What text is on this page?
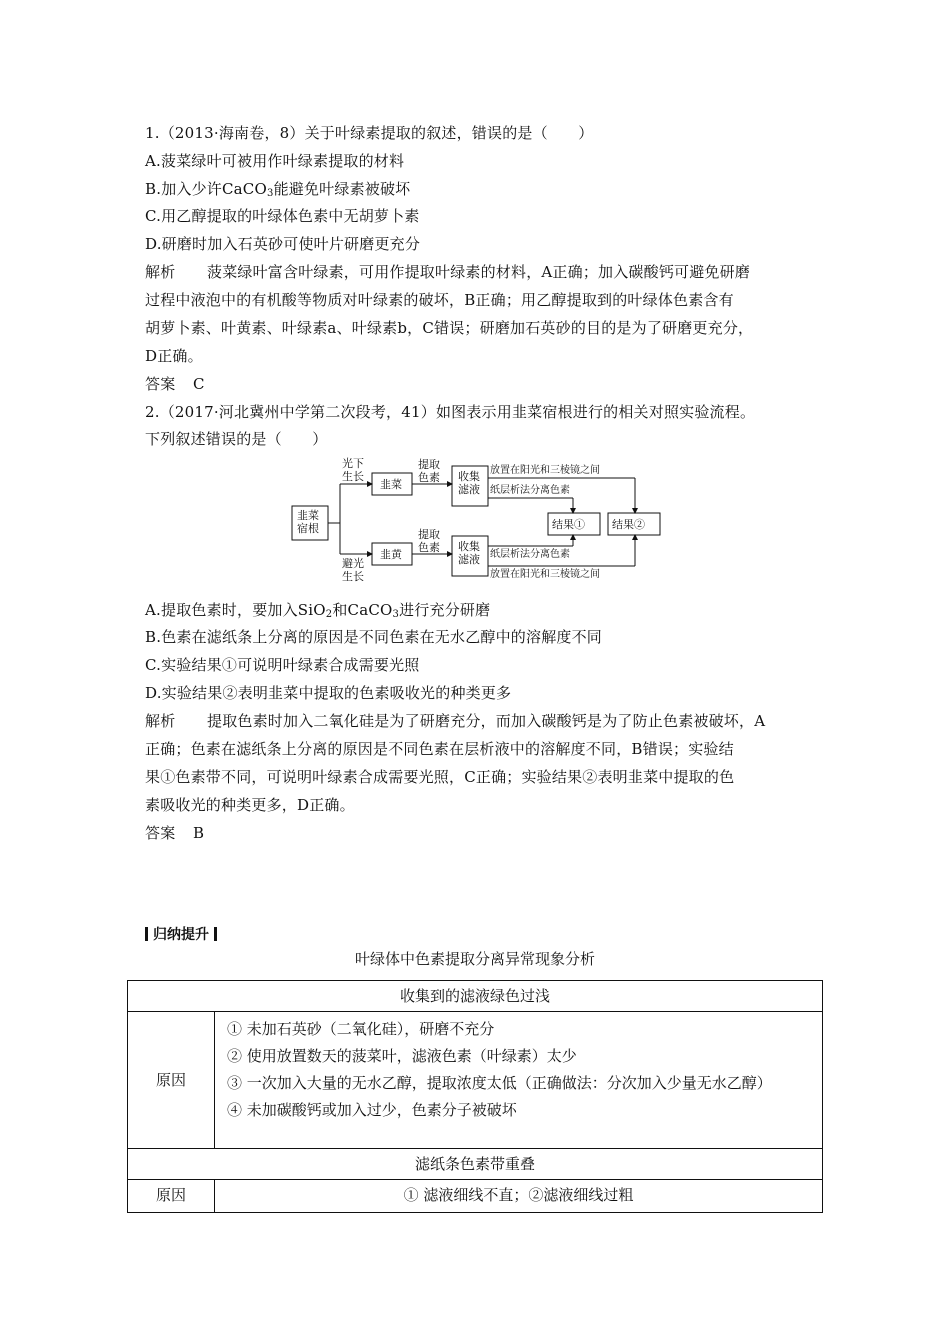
1.（2013·海南卷，8）关于叶绿素提取的叙述，错误的是（　　）
A.菠菜绿叶可被用作叶绿素提取的材料
B.加入少许CaCO$_3$能避免叶绿素被破坏
C.用乙醇提取的叶绿体色素中无胡萝卜素
D.研磨时加入石英砂可使叶片研磨更充分
解析 菠菜绿叶富含叶绿素，可用作提取叶绿素的材料，A正确；加入碳酸钙可避免研磨
过程中液泡中的有机酸等物质对叶绿素的破坏，B正确；用乙醇提取到的叶绿体色素含有
胡萝卜素、叶黄素、叶绿素a、叶绿素b，C错误；研磨加石英砂的目的是为了研磨更充分，
D正确。
答案 C
2.（2017·河北冀州中学第二次段考，41）如图表示用韭菜宿根进行的相关对照实验流程。
下列叙述错误的是（　　）
韭菜
宿根
光下
生长
避光
生长
韭菜
韭黄
提取
色素
提取
色素
收集
滤液
收集
滤液
放置在阳光和三棱镜之间
纸层析法分离色素
纸层析法分离色素
放置在阳光和三棱镜之间
结果① 结果②
A.提取色素时，要加入SiO$_2$和CaCO$_3$进行充分研磨
B.色素在滤纸条上分离的原因是不同色素在无水乙醇中的溶解度不同
C.实验结果①可说明叶绿素合成需要光照
D.实验结果②表明韭菜中提取的色素吸收光的种类更多
解析 提取色素时加入二氧化硅是为了研磨充分，而加入碳酸钙是为了防止色素被破坏，A
正确；色素在滤纸条上分离的原因是不同色素在层析液中的溶解度不同，B错误；实验结
果①色素带不同，可说明叶绿素合成需要光照，C正确；实验结果②表明韭菜中提取的色
素吸收光的种类更多，D正确。
答案 B
归纳提升
叶绿体中色素提取分离异常现象分析
收集到的滤液绿色过浅	
原因	① 未加石英砂（二氧化硅），研磨不充分
② 使用放置数天的菠菜叶，滤液色素（叶绿素）太少
③ 一次加入大量的无水乙醇，提取浓度太低（正确做法：分次加入少量无水乙醇）
④ 未加碳酸钙或加入过少，色素分子被破坏

滤纸条色素带重叠	
原因	① 滤液细线不直；②滤液细线过粗
